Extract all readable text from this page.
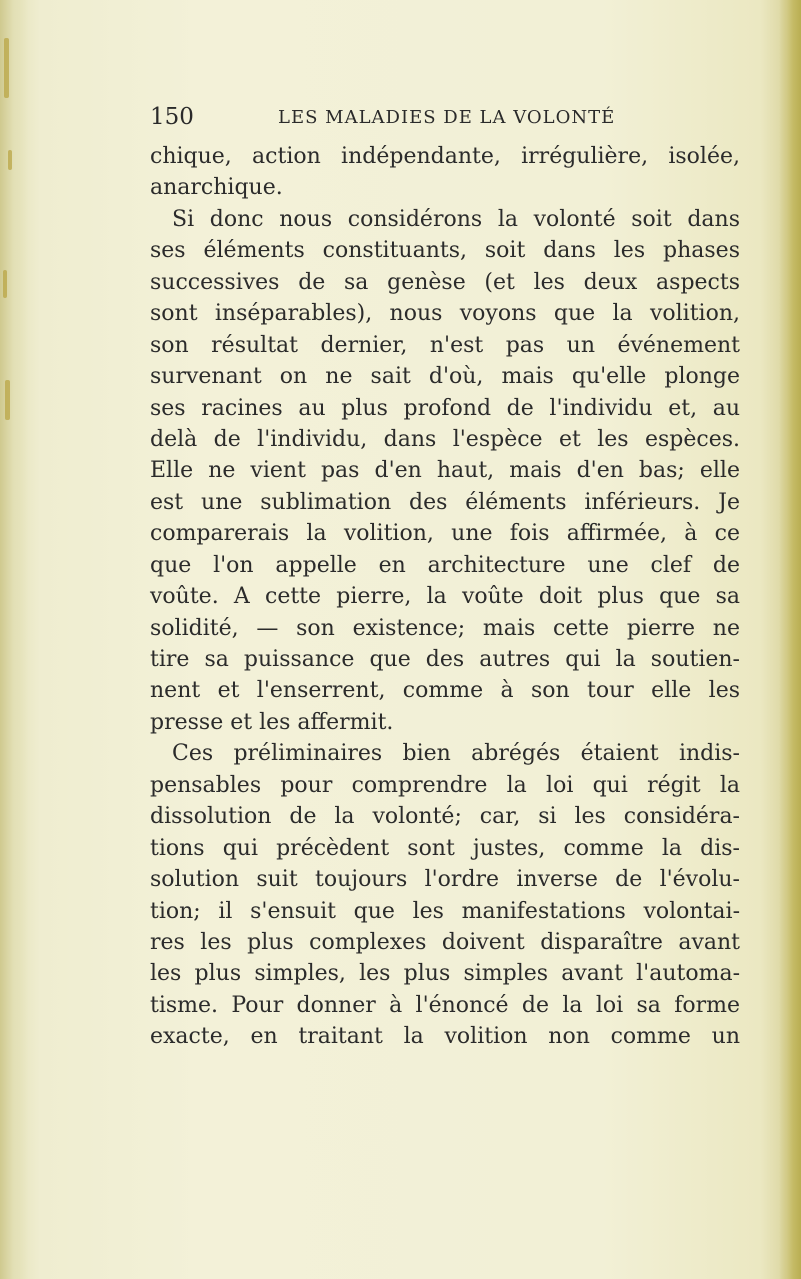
150	LES MALADIES DE LA VOLONTÉ
chique, action indépendante, irrégulière, isolée,
anarchique.
Si donc nous considérons la volonté soit dans
ses éléments constituants, soit dans les phases
successives de sa genèse (et les deux aspects
sont inséparables), nous voyons que la volition,
son résultat dernier, n'est pas un événement
survenant on ne sait d'où, mais qu'elle plonge
ses racines au plus profond de l'individu et, au
delà de l'individu, dans l'espèce et les espèces.
Elle ne vient pas d'en haut, mais d'en bas; elle
est une sublimation des éléments inférieurs. Je
comparerais la volition, une fois affirmée, à ce
que l'on appelle en architecture une clef de
voûte. A cette pierre, la voûte doit plus que sa
solidité, — son existence; mais cette pierre ne
tire sa puissance que des autres qui la soutien-
nent et l'enserrent, comme à son tour elle les
presse et les affermit.
Ces préliminaires bien abrégés étaient indis-
pensables pour comprendre la loi qui régit la
dissolution de la volonté; car, si les considéra-
tions qui précèdent sont justes, comme la dis-
solution suit toujours l'ordre inverse de l'évolu-
tion; il s'ensuit que les manifestations volontai-
res les plus complexes doivent disparaître avant
les plus simples, les plus simples avant l'automa-
tisme. Pour donner à l'énoncé de la loi sa forme
exacte, en traitant la volition non comme un
